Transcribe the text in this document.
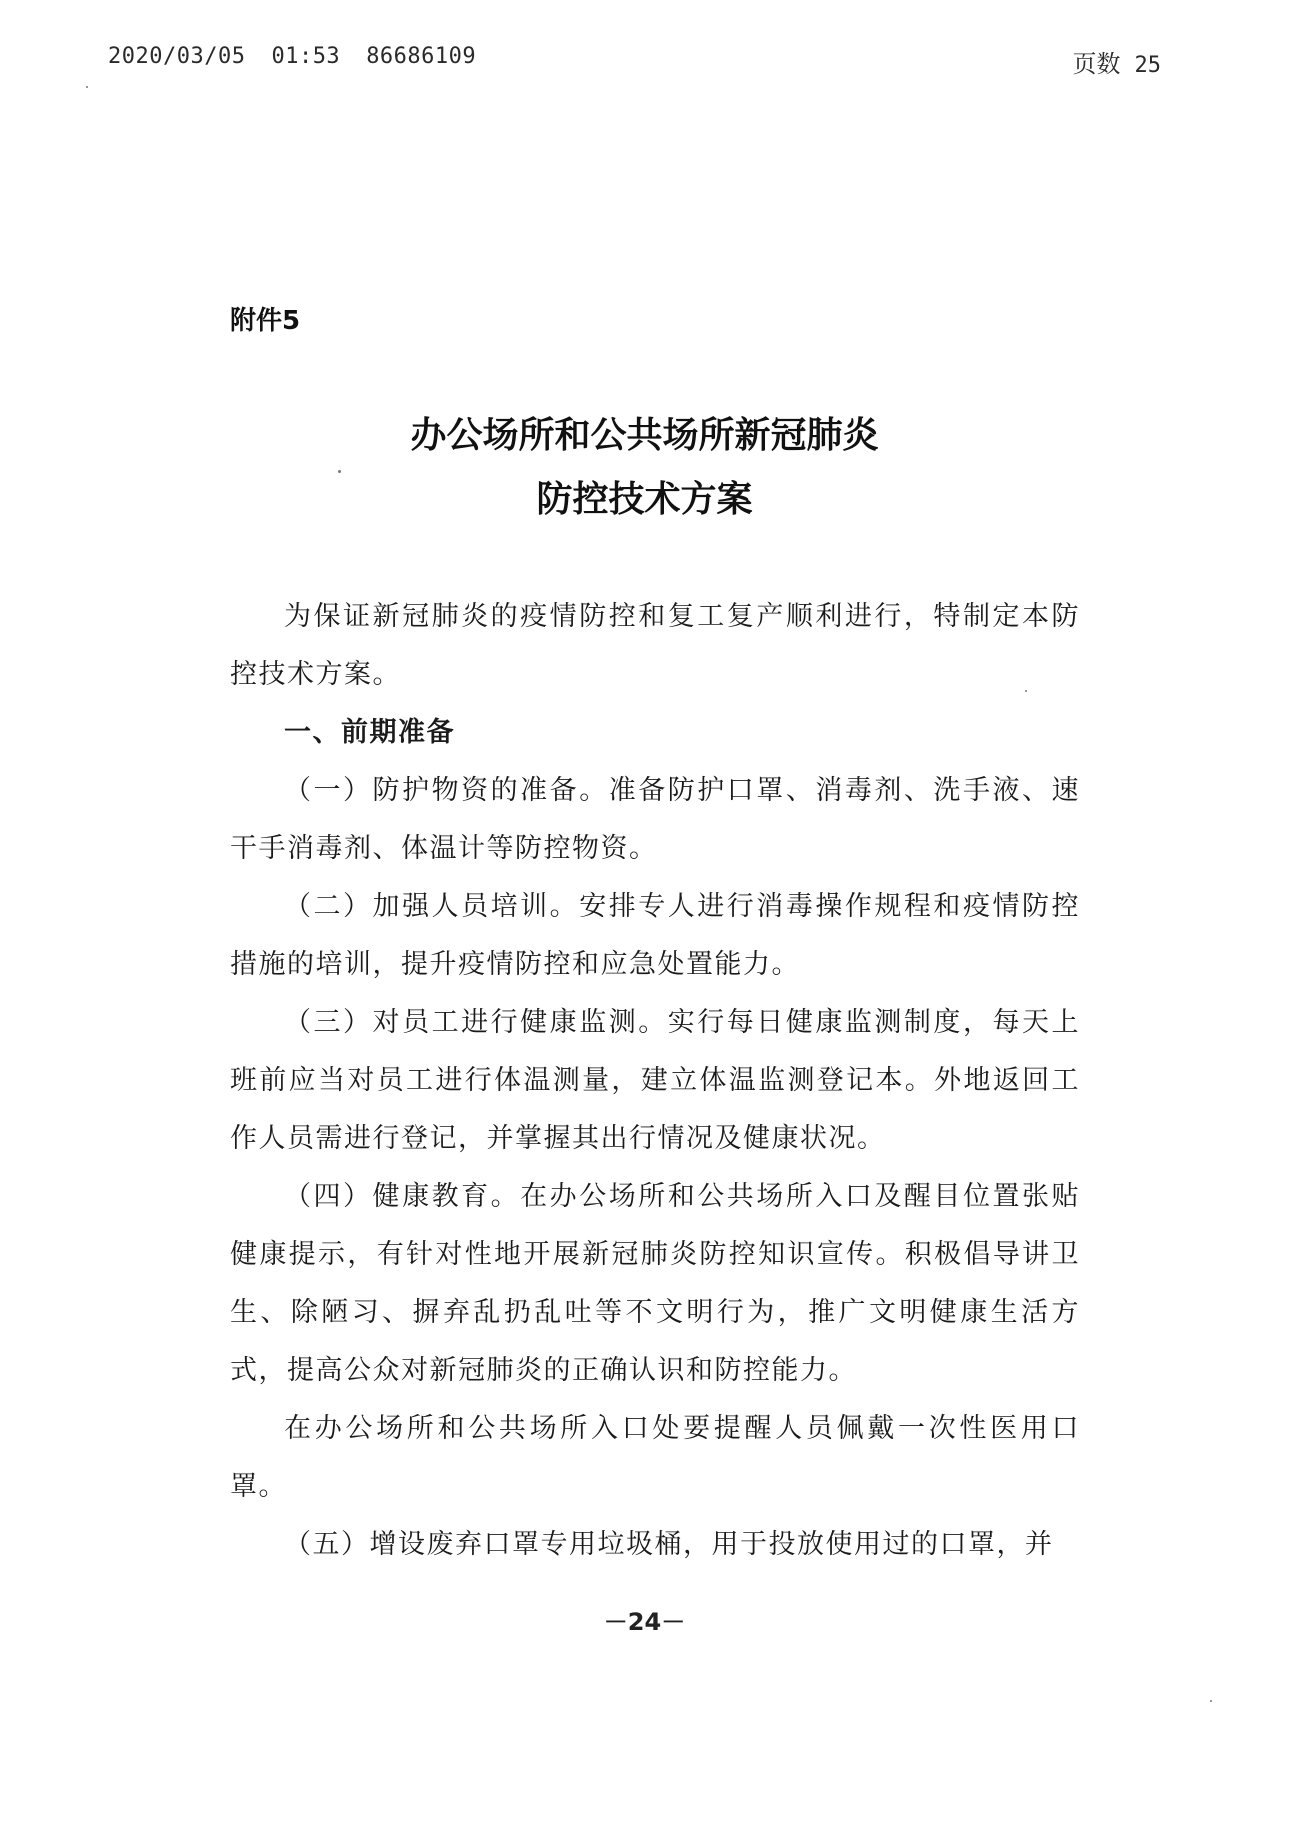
2020/03/05 01:53 86686109	页数 25
附件5
办公场所和公共场所新冠肺炎
防控技术方案

为保证新冠肺炎的疫情防控和复工复产顺利进行，特制定本防控技术方案。

一、前期准备

（一）防护物资的准备。准备防护口罩、消毒剂、洗手液、速干手消毒剂、体温计等防控物资。

（二）加强人员培训。安排专人进行消毒操作规程和疫情防控措施的培训，提升疫情防控和应急处置能力。

（三）对员工进行健康监测。实行每日健康监测制度，每天上班前应当对员工进行体温测量，建立体温监测登记本。外地返回工作人员需进行登记，并掌握其出行情况及健康状况。

（四）健康教育。在办公场所和公共场所入口及醒目位置张贴健康提示，有针对性地开展新冠肺炎防控知识宣传。积极倡导讲卫生、除陋习、摒弃乱扔乱吐等不文明行为，推广文明健康生活方式，提高公众对新冠肺炎的正确认识和防控能力。

在办公场所和公共场所入口处要提醒人员佩戴一次性医用口罩。

（五）增设废弃口罩专用垃圾桶，用于投放使用过的口罩，并

－24－
